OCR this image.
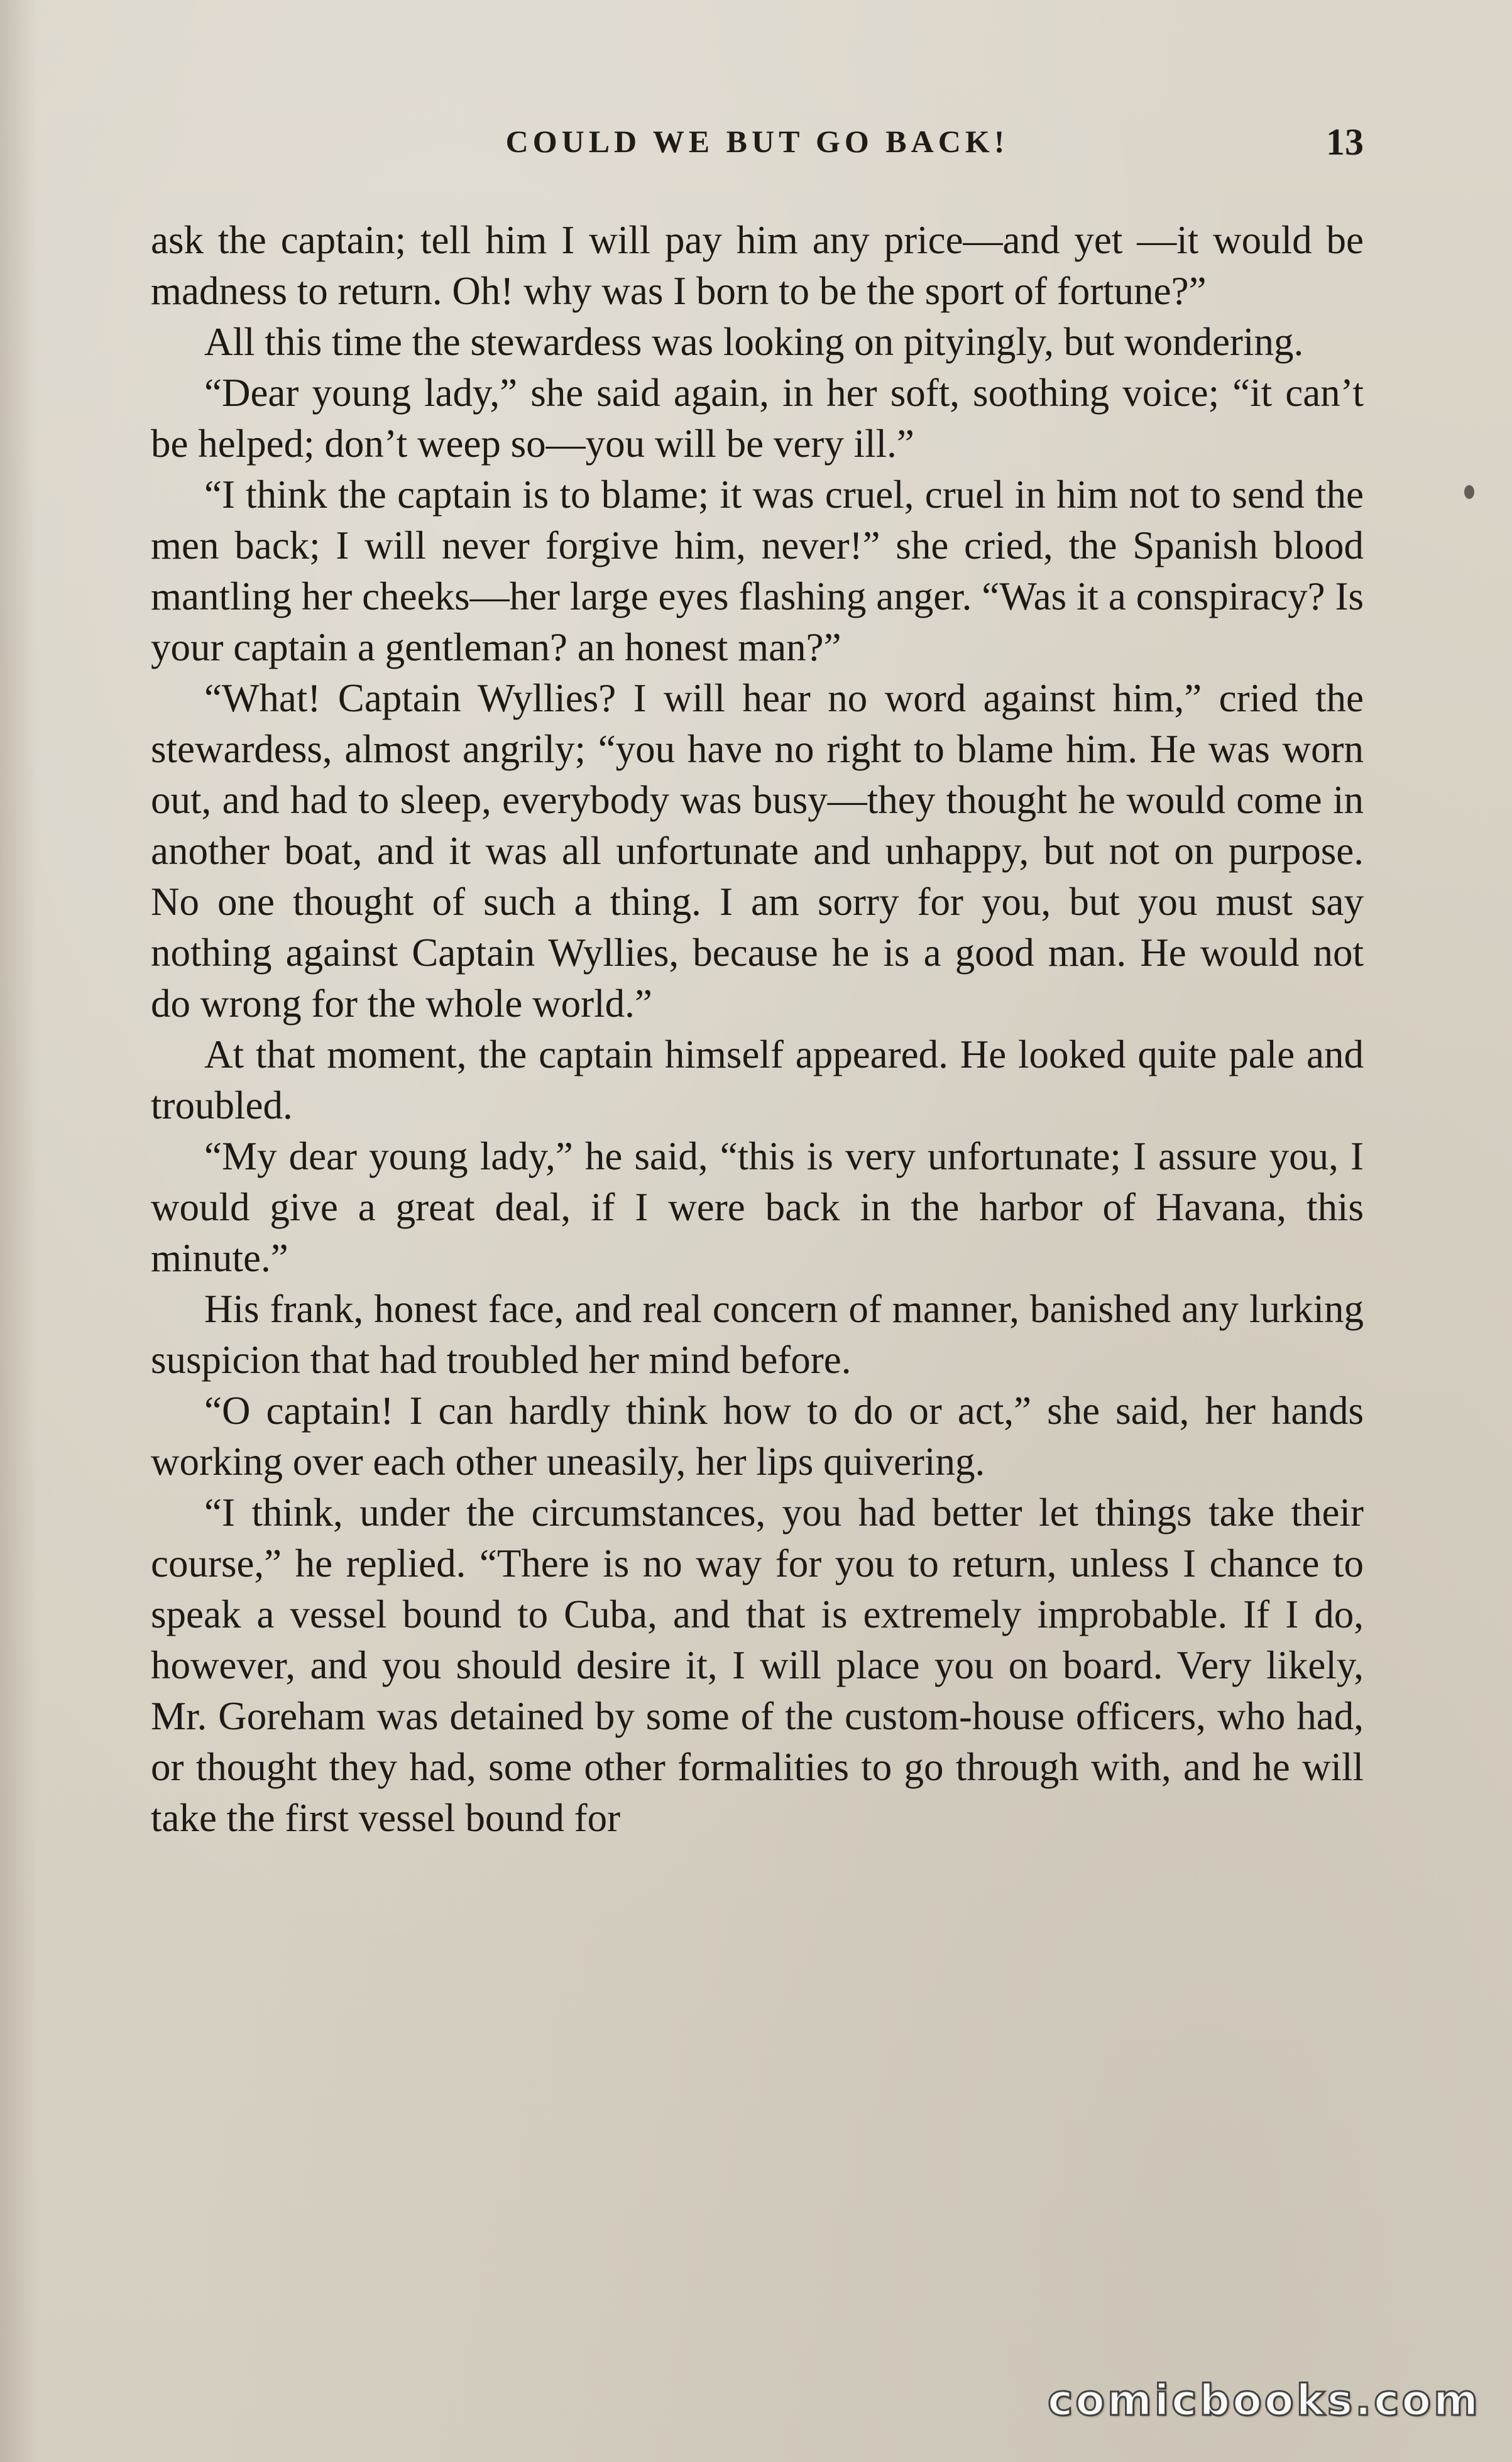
COULD WE BUT GO BACK!	13

ask the captain; tell him I will pay him any price—and yet —it would be madness to return. Oh! why was I born to be the sport of fortune?”

All this time the stewardess was looking on pityingly, but wondering.

“Dear young lady,” she said again, in her soft, soothing voice; “it can’t be helped; don’t weep so—you will be very ill.”

“I think the captain is to blame; it was cruel, cruel in him not to send the men back; I will never forgive him, never!” she cried, the Spanish blood mantling her cheeks—her large eyes flashing anger. “Was it a conspiracy? Is your captain a gentleman? an honest man?”

“What! Captain Wyllies? I will hear no word against him,” cried the stewardess, almost angrily; “you have no right to blame him. He was worn out, and had to sleep, everybody was busy—they thought he would come in another boat, and it was all unfortunate and unhappy, but not on purpose. No one thought of such a thing. I am sorry for you, but you must say nothing against Captain Wyllies, because he is a good man. He would not do wrong for the whole world.”

At that moment, the captain himself appeared. He looked quite pale and troubled.

“My dear young lady,” he said, “this is very unfortunate; I assure you, I would give a great deal, if I were back in the harbor of Havana, this minute.”

His frank, honest face, and real concern of manner, banished any lurking suspicion that had troubled her mind before.

“O captain! I can hardly think how to do or act,” she said, her hands working over each other uneasily, her lips quivering.

“I think, under the circumstances, you had better let things take their course,” he replied. “There is no way for you to return, unless I chance to speak a vessel bound to Cuba, and that is extremely improbable. If I do, however, and you should desire it, I will place you on board. Very likely, Mr. Goreham was detained by some of the custom-house officers, who had, or thought they had, some other formalities to go through with, and he will take the first vessel bound for

comicbooks.com
